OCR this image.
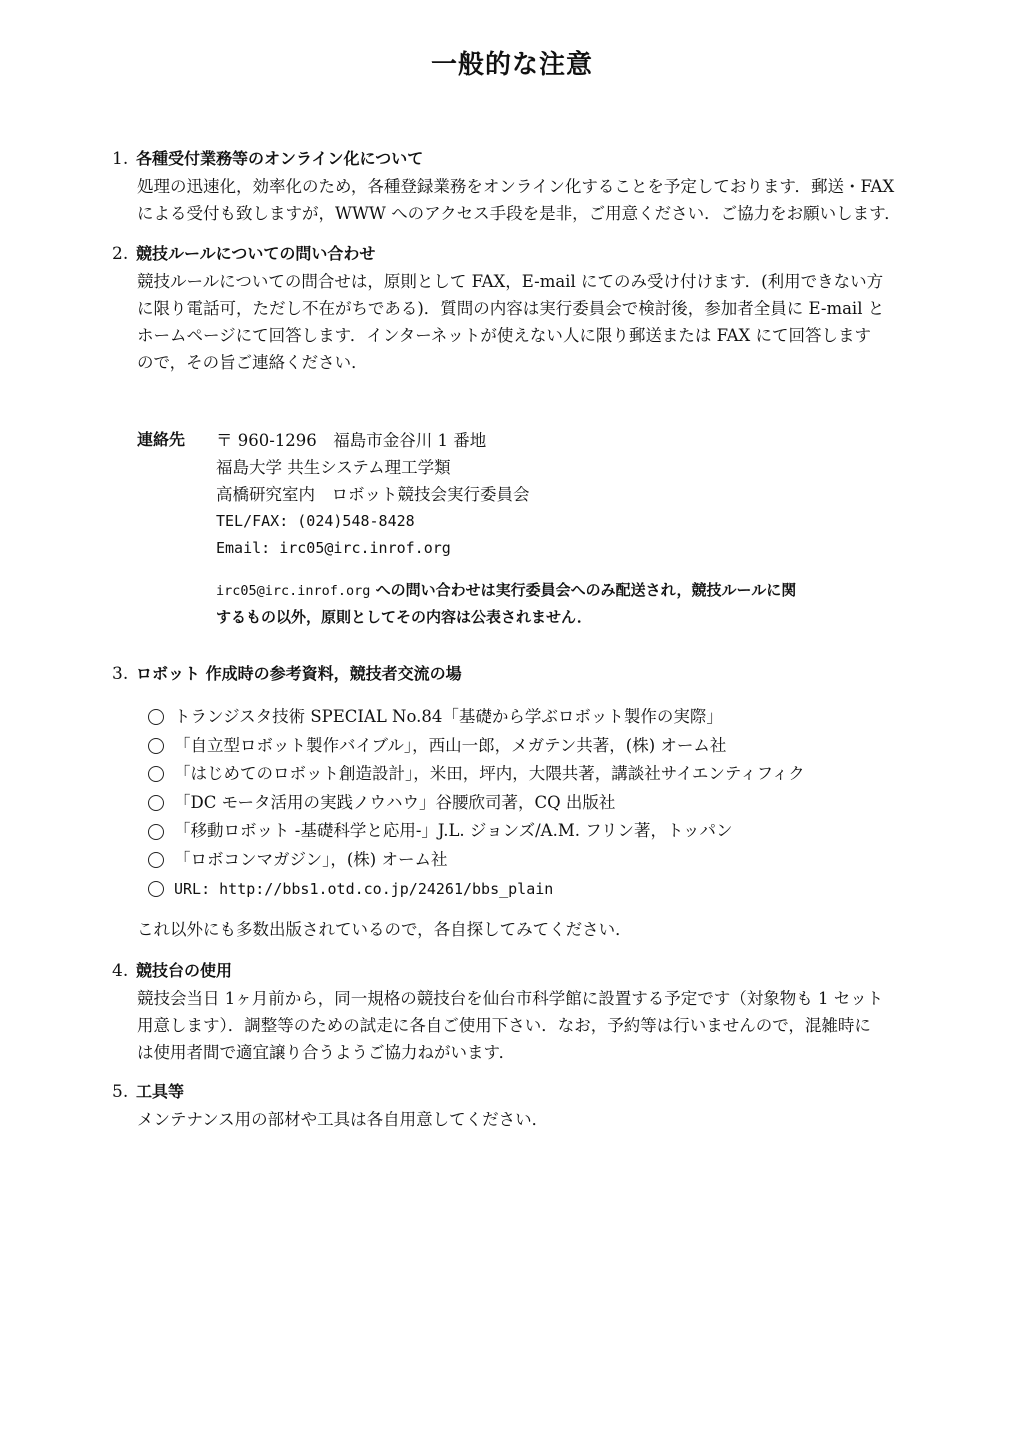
一般的な注意
1. 各種受付業務等のオンライン化について
処理の迅速化，効率化のため，各種登録業務をオンライン化することを予定しております．郵送・FAX
による受付も致しますが，WWW へのアクセス手段を是非，ご用意ください．ご協力をお願いします．
2. 競技ルールについての問い合わせ
競技ルールについての問合せは，原則として FAX，E-mail にてのみ受け付けます．(利用できない方
に限り電話可，ただし不在がちである)．質問の内容は実行委員会で検討後，参加者全員に E-mail と
ホームページにて回答します．インターネットが使えない人に限り郵送または FAX にて回答します
ので，その旨ご連絡ください．
連絡先 〒 960-1296　福島市金谷川 1 番地
福島大学 共生システム理工学類
高橋研究室内　ロボット競技会実行委員会
TEL/FAX: (024)548-8428
Email: irc05@irc.inrof.org
irc05@irc.inrof.org への問い合わせは実行委員会へのみ配送され，競技ルールに関
するもの以外，原則としてその内容は公表されません．
3. ロボット 作成時の参考資料，競技者交流の場
トランジスタ技術 SPECIAL No.84「基礎から学ぶロボット製作の実際」
「自立型ロボット製作バイブル」，西山一郎，メガテン共著，(株) オーム社
「はじめてのロボット創造設計」，米田，坪内，大隈共著，講談社サイエンティフィク
「DC モータ活用の実践ノウハウ」谷腰欣司著，CQ 出版社
「移動ロボット -基礎科学と応用-」J.L. ジョンズ/A.M. フリン著，トッパン
「ロボコンマガジン」，(株) オーム社
URL:
http://bbs1.otd.co.jp/24261/bbs_plain
これ以外にも多数出版されているので，各自探してみてください．
4. 競技台の使用
競技会当日 1ヶ月前から，同一規格の競技台を仙台市科学館に設置する予定です（対象物も 1 セット
用意します）．調整等のための試走に各自ご使用下さい．なお，予約等は行いませんので，混雑時に
は使用者間で適宜譲り合うようご協力ねがいます．
5. 工具等
メンテナンス用の部材や工具は各自用意してください．
